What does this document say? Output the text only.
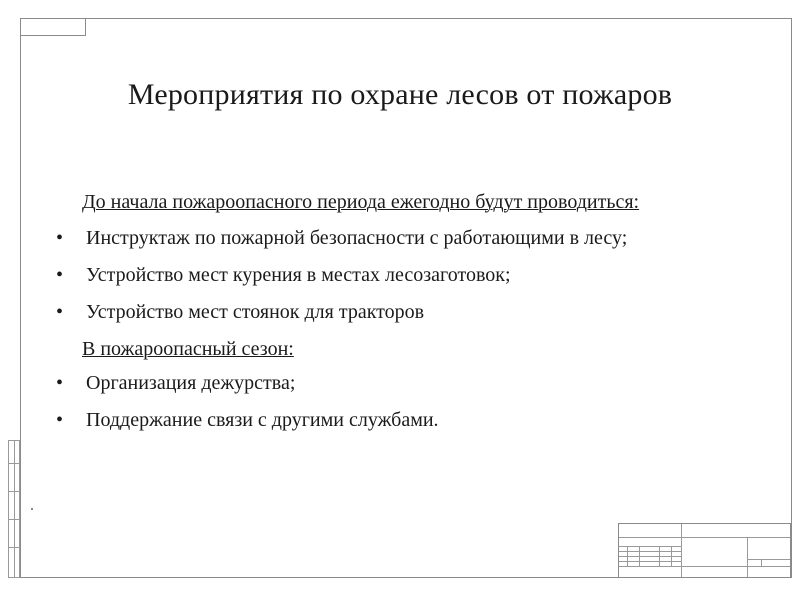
Мероприятия по охране лесов от пожаров
До начала пожароопасного периода ежегодно будут проводиться:
• Инструктаж по пожарной безопасности с работающими в лесу;
• Устройство мест курения в местах лесозаготовок;
• Устройство мест стоянок для тракторов
В пожароопасный сезон:
• Организация дежурства;
• Поддержание связи с другими службами.
